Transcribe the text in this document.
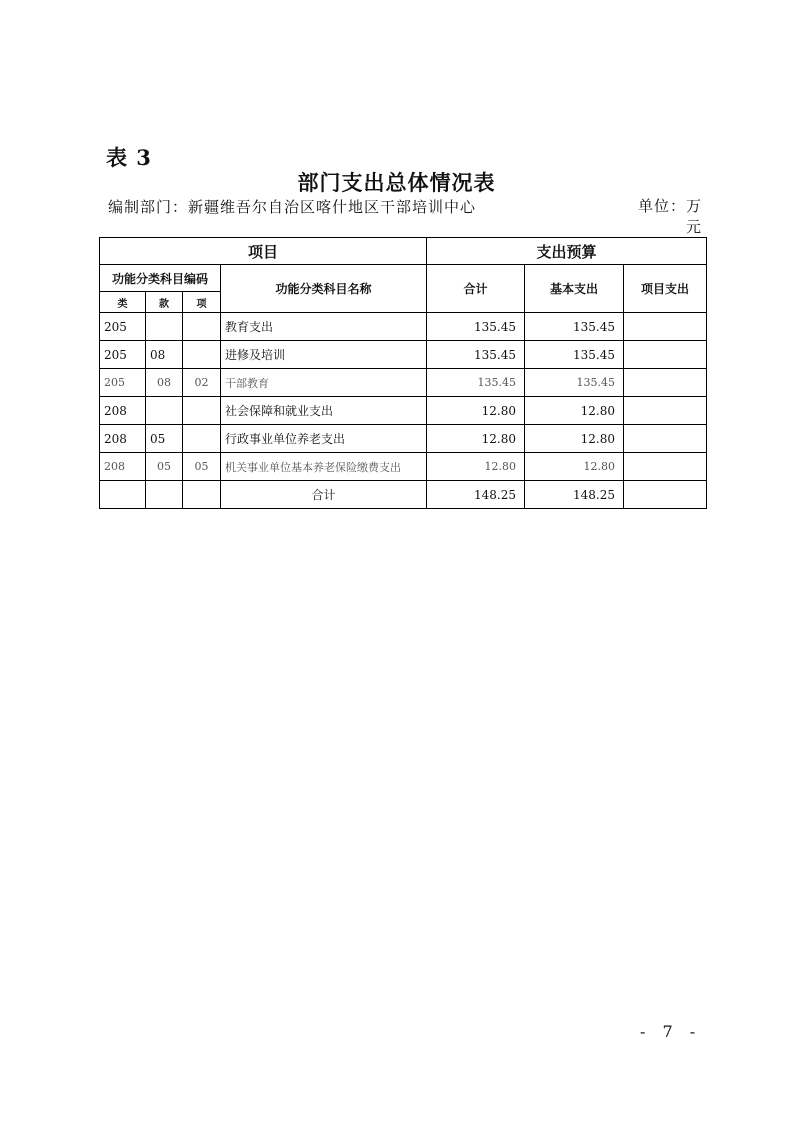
表 3
部门支出总体情况表
编制部门：新疆维吾尔自治区喀什地区干部培训中心	单位：万
元
项目				支出预算		
功能分类科目编码			功能分类科目名称	合计	基本支出	项目支出
类	款	项				
205			教育支出	135.45	135.45	
205	08		进修及培训	135.45	135.45	
205	08	02	干部教育	135.45	135.45	
208			社会保障和就业支出	12.80	12.80	
208	05		行政事业单位养老支出	12.80	12.80	
208	05	05	机关事业单位基本养老保险缴费支出	12.80	12.80	
			合计	148.25	148.25	
- 7 -
